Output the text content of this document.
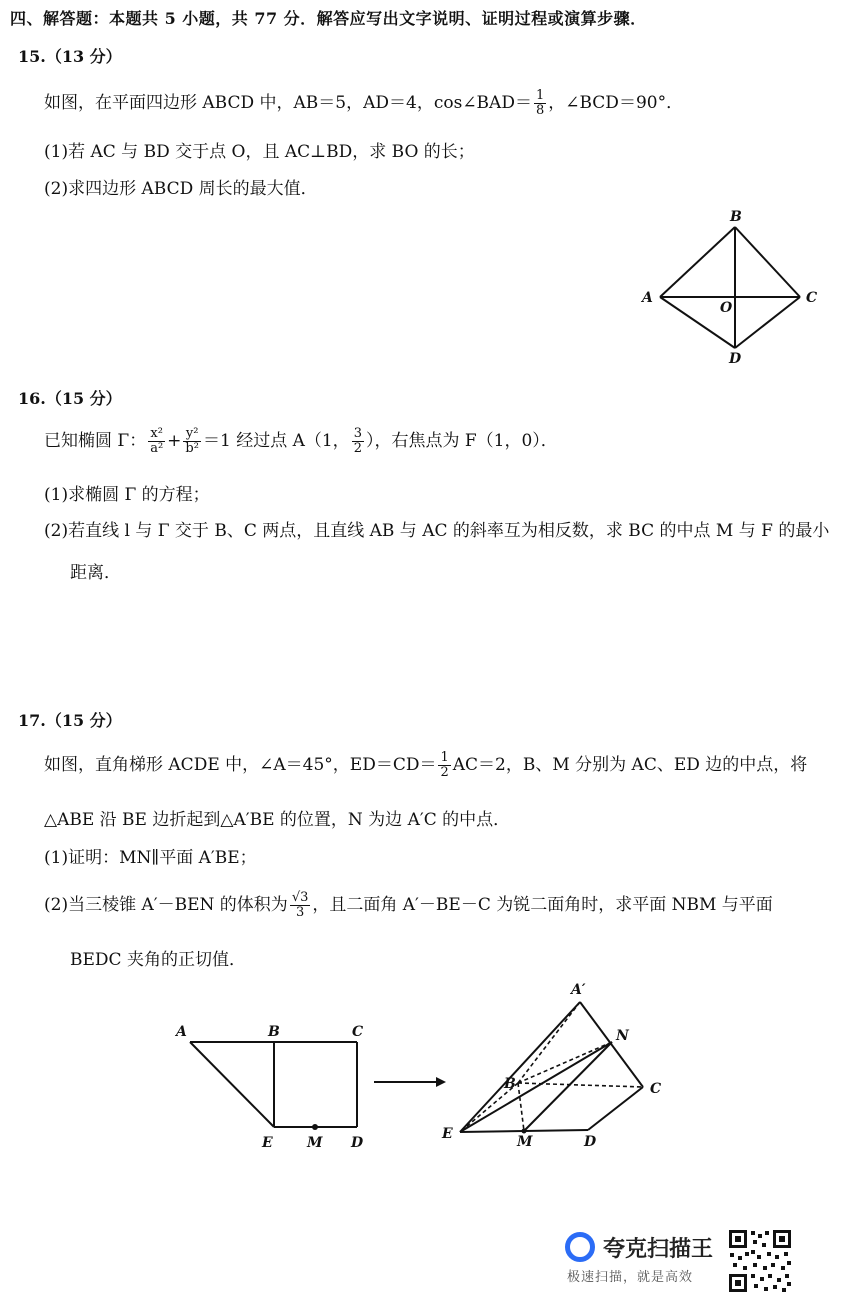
四、解答题：本题共 5 小题，共 77 分．解答应写出文字说明、证明过程或演算步骤．
15.（13 分）
如图，在平面四边形 ABCD 中，AB＝5，AD＝4，cos∠BAD＝ $\frac{1}{8}$ ，∠BCD＝90°．
(1)若 AC 与 BD 交于点 O，且 AC⊥BD，求 BO 的长；
(2)求四边形 ABCD 周长的最大值．
A
B
C
D
O
16.（15 分）
已知椭圆 Γ： $\frac{\text{x²}}{\text{a²}} + \frac{\text{y²}}{\text{b²}} =1$ 经过点 A（1， $\frac{3}{2}$ ），右焦点为 F（1，0）．
(1)求椭圆 Γ 的方程；
(2)若直线 l 与 Γ 交于 B、C 两点，且直线 AB 与 AC 的斜率互为相反数，求 BC 的中点 M 与 F 的最小
距离．
17.（15 分）
如图，直角梯形 ACDE 中，∠A＝45°，$ED=CD= \frac{1}{2} AC=2$，B、M 分别为 AC、ED 边的中点，将
△ABE 沿 BE 边折起到△A′BE 的位置，N 为边 A′C 的中点．
(1)证明：MN∥平面 A′BE；
(2)当三棱锥 A′－BEN 的体积为 $\frac{√3}{3}$ ，且二面角 A′－BE－C 为锐二面角时，求平面 NBM 与平面
BEDC 夹角的正切值．
A	B	C
E M D
A′
N
B	C
E	M	D
夸克扫描王
极速扫描，就是高效
